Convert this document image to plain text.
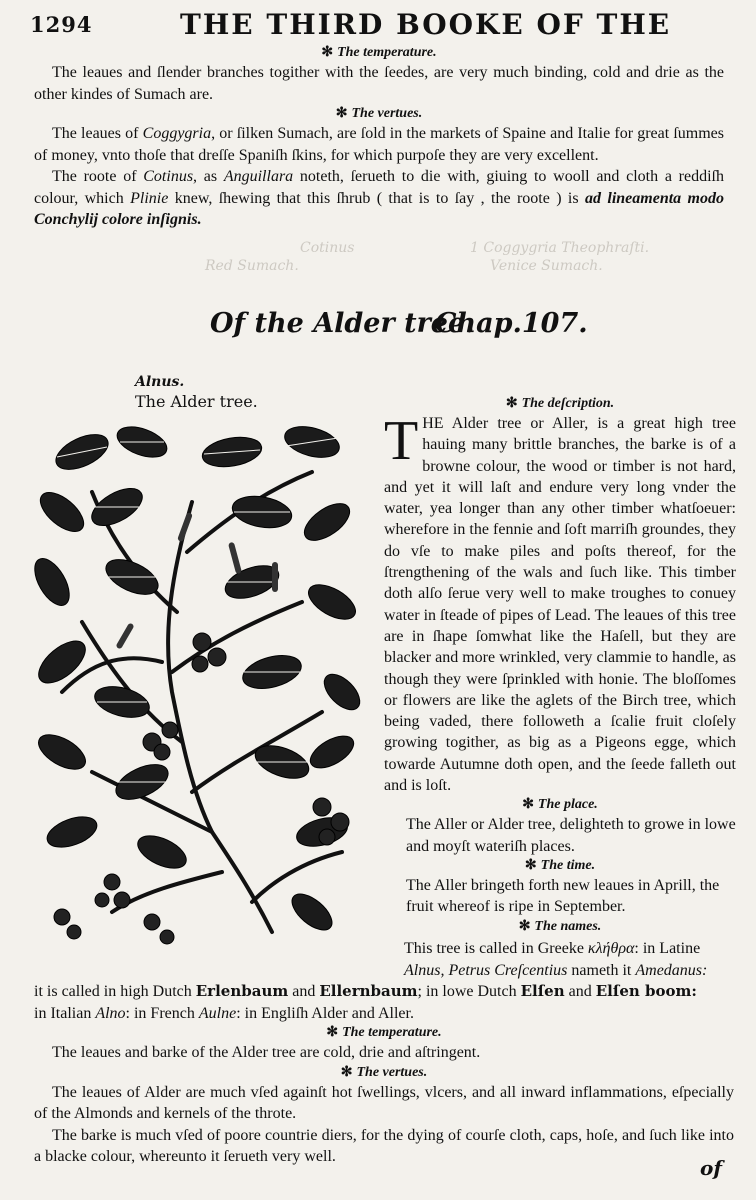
1294	THE THIRD BOOKE OF THE
✻ The temperature.
The leaues and ſlender branches togither with the ſeedes, are very much binding, cold and drie as the other kindes of Sumach are.
✻ The vertues.
The leaues of Coggygria, or ſilken Sumach, are ſold in the markets of Spaine and Italie for great ſummes of money, vnto thoſe that dreſſe Spaniſh ſkins, for which purpoſe they are very excellent.
The roote of Cotinus, as Anguillara noteth, ſerueth to die with, giuing to wooll and cloth a reddiſh colour, which Plinie knew, ſhewing that this ſhrub ( that is to ſay , the roote ) is ad lineamenta modo Conchylij colore inſignis.
1 Coggygria Theophraſti.
Venice Sumach.
Cotinus
Red Sumach.
Of the Alder tree.
Chap.107.
Alnus.
The Alder tree.	✻ The deſcription.

THE Alder tree or Aller, is a great high tree hauing many brittle branches, the barke is of a browne colour, the wood or timber is not hard, and yet it will laſt and endure very long vnder the water, yea longer than any other timber whatſoeuer: wherefore in the fennie and ſoft marriſh groundes, they do vſe to make piles and poſts thereof, for the ſtrengthening of the wals and ſuch like. This timber doth alſo ſerue very well to make troughes to conuey water in ſteade of pipes of Lead. The leaues of this tree are in ſhape ſomwhat like the Haſell, but they are blacker and more wrinkled, very clammie to handle, as though they were ſprinkled with honie. The bloſſomes or flowers are like the aglets of the Birch tree, which being vaded, there followeth a ſcalie fruit cloſely growing togither, as big as a Pigeons egge, which towarde Autumne doth open, and the ſeede falleth out and is loſt.

✻ The place.

The Aller or Alder tree, delighteth to growe in lowe and moyſt wateriſh places.

✻ The time.

The Aller bringeth forth new leaues in Aprill, the fruit whereof is ripe in September.

✻ The names.
This tree is called in Greeke κλήθρα: in Latine
Alnus, Petrus Creſcentius nameth it Amedanus:
it is called in high Dutch Erlenbaum and Ellernbaum; in lowe Dutch Elſen and Elſen boom:
in Italian Alno: in French Aulne: in Engliſh Alder and Aller.
✻ The temperature.
The leaues and barke of the Alder tree are cold, drie and aſtringent.
✻ The vertues.
The leaues of Alder are much vſed againſt hot ſwellings, vlcers, and all inward inflammations, eſpecially of the Almonds and kernels of the throte.
The barke is much vſed of poore countrie diers, for the dying of courſe cloth, caps, hoſe, and ſuch like into a blacke colour, whereunto it ſerueth very well.	of
